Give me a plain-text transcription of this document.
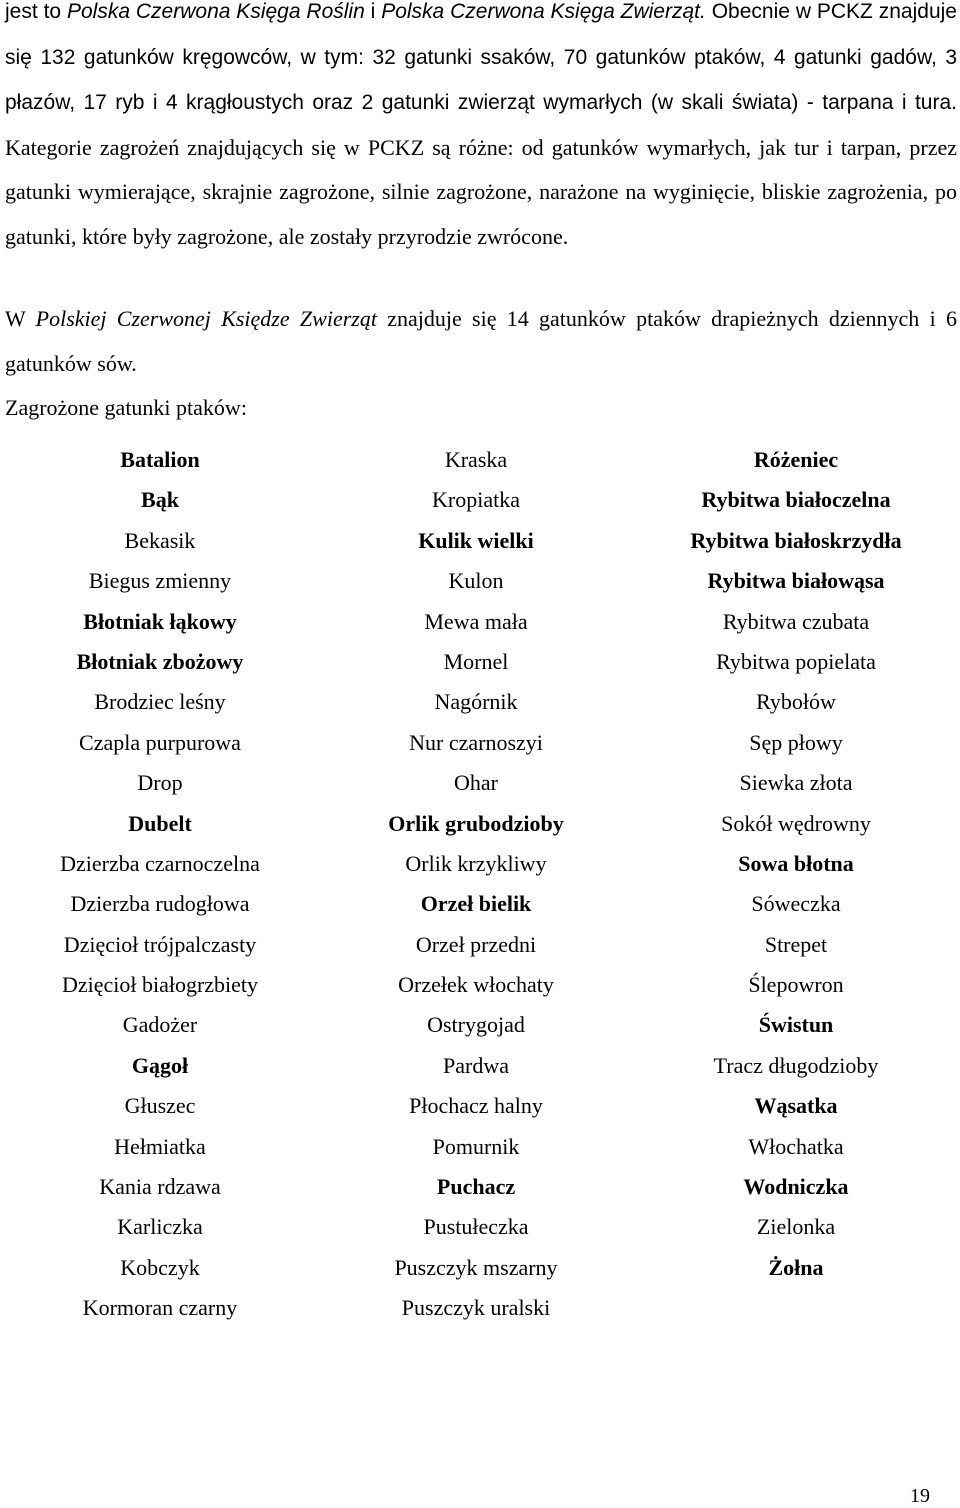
jest to Polska Czerwona Księga Roślin i Polska Czerwona Księga Zwierząt. Obecnie w PCKZ znajduje się 132 gatunków kręgowców, w tym: 32 gatunki ssaków, 70 gatunków ptaków, 4 gatunki gadów, 3 płazów, 17 ryb i 4 krągłoustych oraz 2 gatunki zwierząt wymarłych (w skali świata) - tarpana i tura. Kategorie zagrożeń znajdujących się w PCKZ są różne: od gatunków wymarłych, jak tur i tarpan, przez gatunki wymierające, skrajnie zagrożone, silnie zagrożone, narażone na wyginięcie, bliskie zagrożenia, po gatunki, które były zagrożone, ale zostały przyrodzie zwrócone.

W Polskiej Czerwonej Księdze Zwierząt znajduje się 14 gatunków ptaków drapieżnych dziennych i 6 gatunków sów.

Zagrożone gatunki ptaków:

Batalion	Kraska	Różeniec
Bąk	Kropiatka	Rybitwa białoczelna
Bekasik	Kulik wielki	Rybitwa białoskrzydła
Biegus zmienny	Kulon	Rybitwa białowąsa
Błotniak łąkowy	Mewa mała	Rybitwa czubata
Błotniak zbożowy	Mornel	Rybitwa popielata
Brodziec leśny	Nagórnik	Rybołów
Czapla purpurowa	Nur czarnoszyi	Sęp płowy
Drop	Ohar	Siewka złota
Dubelt	Orlik grubodzioby	Sokół wędrowny
Dzierzba czarnoczelna	Orlik krzykliwy	Sowa błotna
Dzierzba rudogłowa	Orzeł bielik	Sóweczka
Dzięcioł trójpalczasty	Orzeł przedni	Strepet
Dzięcioł białogrzbiety	Orzełek włochaty	Ślepowron
Gadożer	Ostrygojad	Świstun
Gągoł	Pardwa	Tracz długodzioby
Głuszec	Płochacz halny	Wąsatka
Hełmiatka	Pomurnik	Włochatka
Kania rdzawa	Puchacz	Wodniczka
Karliczka	Pustułeczka	Zielonka
Kobczyk	Puszczyk mszarny	Żołna
Kormoran czarny	Puszczyk uralski
19
